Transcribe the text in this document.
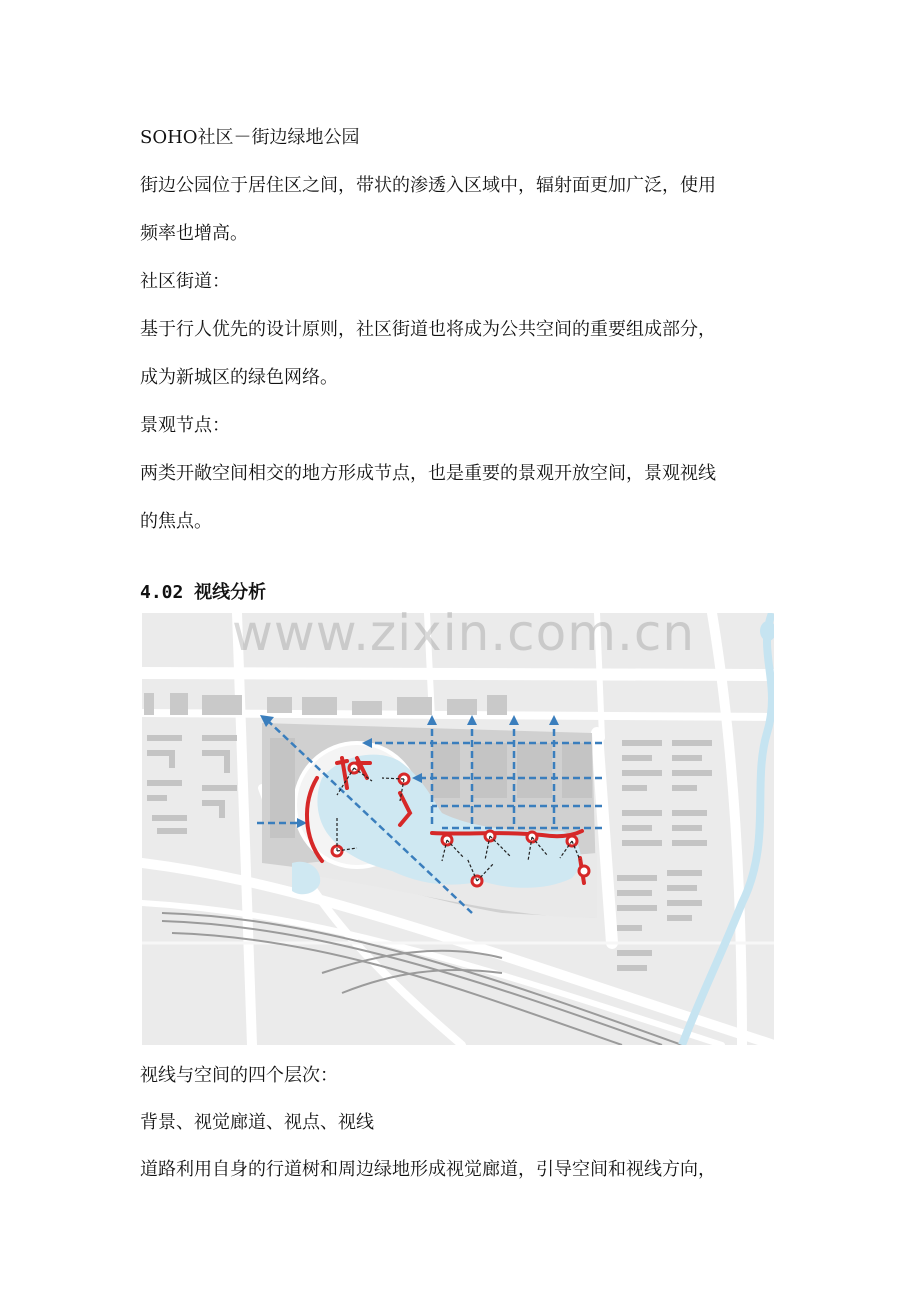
SOHO社区－街边绿地公园

街边公园位于居住区之间，带状的渗透入区域中，辐射面更加广泛，使用

频率也增高。

社区街道：

基于行人优先的设计原则，社区街道也将成为公共空间的重要组成部分，

成为新城区的绿色网络。

景观节点：

两类开敞空间相交的地方形成节点，也是重要的景观开放空间，景观视线

的焦点。

4.02 视线分析

www.zixin.com.cn

视线与空间的四个层次：

背景、视觉廊道、视点、视线

道路利用自身的行道树和周边绿地形成视觉廊道，引导空间和视线方向，
